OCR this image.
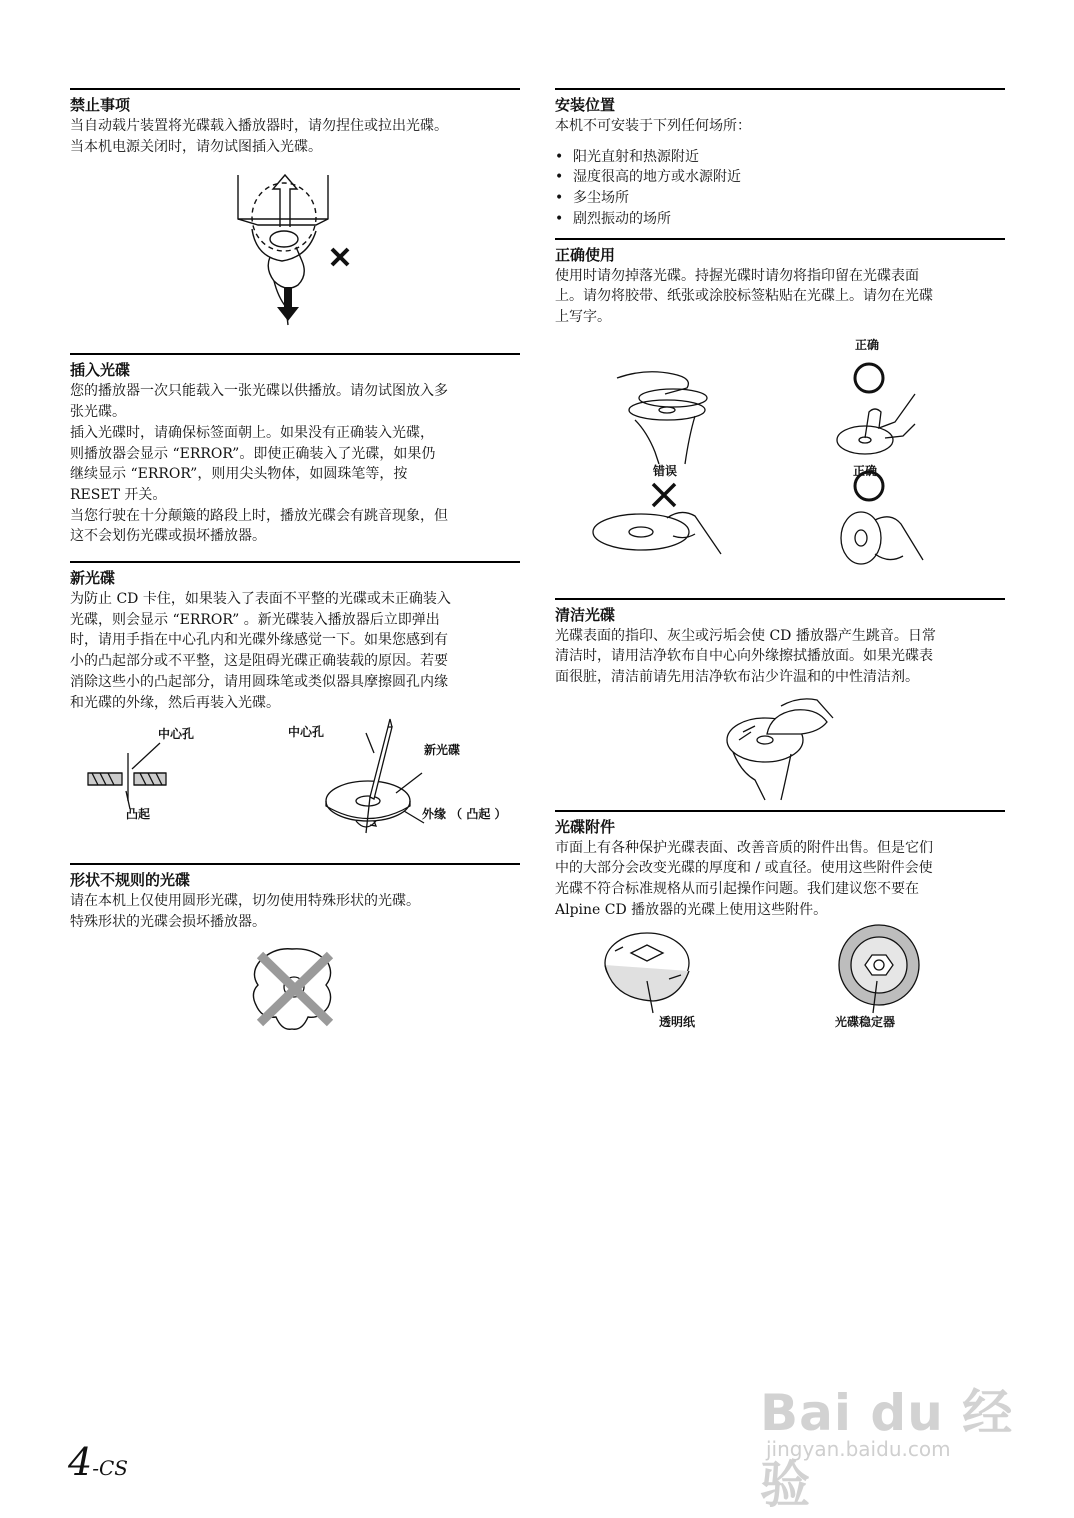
禁止事项

当自动载片装置将光碟载入播放器时，请勿捏住或拉出光碟。

当本机电源关闭时，请勿试图插入光碟。

插入光碟

您的播放器一次只能载入一张光碟以供播放。请勿试图放入多

张光碟。

插入光碟时，请确保标签面朝上。如果没有正确装入光碟，

则播放器会显示 “ERROR”。即使正确装入了光碟，如果仍

继续显示 “ERROR”，则用尖头物体，如圆珠笔等，按

RESET 开关。

当您行驶在十分颠簸的路段上时，播放光碟会有跳音现象，但

这不会划伤光碟或损坏播放器。

新光碟

为防止 CD 卡住，如果装入了表面不平整的光碟或未正确装入

光碟，则会显示 “ERROR” 。新光碟装入播放器后立即弹出

时，请用手指在中心孔内和光碟外缘感觉一下。如果您感到有

小的凸起部分或不平整，这是阻碍光碟正确装载的原因。若要

消除这些小的凸起部分，请用圆珠笔或类似器具摩擦圆孔内缘

和光碟的外缘，然后再装入光碟。

中心孔
凸起
中心孔
新光碟
外缘 （ 凸起 ）
形状不规则的光碟

请在本机上仅使用圆形光碟，切勿使用特殊形状的光碟。

特殊形状的光碟会损坏播放器。

安装位置

本机不可安装于下列任何场所：

• 阳光直射和热源附近
• 湿度很高的地方或水源附近
• 多尘场所
• 剧烈振动的场所
正确使用

使用时请勿掉落光碟。持握光碟时请勿将指印留在光碟表面

上。请勿将胶带、纸张或涂胶标签粘贴在光碟上。请勿在光碟

上写字。

正确
错误	正确
清洁光碟

光碟表面的指印、灰尘或污垢会使 CD 播放器产生跳音。日常

清洁时，请用洁净软布自中心向外缘擦拭播放面。如果光碟表

面很脏，清洁前请先用洁净软布沾少许温和的中性清洁剂。

光碟附件

市面上有各种保护光碟表面、改善音质的附件出售。但是它们

中的大部分会改变光碟的厚度和 / 或直径。使用这些附件会使

光碟不符合标准规格从而引起操作问题。我们建议您不要在

Alpine CD 播放器的光碟上使用这些附件。

透明纸	光碟稳定器
4-CS
Bai du 经验
jingyan.baidu.com
